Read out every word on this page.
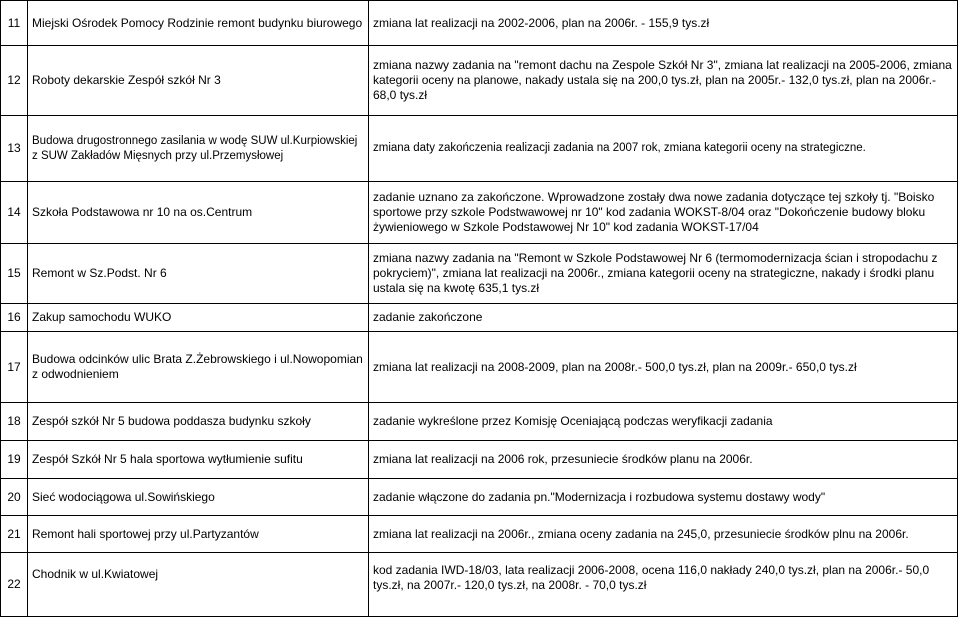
11	Miejski Ośrodek Pomocy Rodzinie remont budynku biurowego	zmiana lat realizacji na 2002-2006, plan na 2006r. - 155,9 tys.zł
12	Roboty dekarskie Zespół szkół Nr 3	zmiana nazwy zadania na "remont dachu na Zespole Szkół Nr 3", zmiana lat realizacji na 2005-2006, zmiana kategorii oceny na planowe, nakady ustala się na 200,0 tys.zł, plan na 2005r.- 132,0 tys.zł, plan na 2006r.- 68,0 tys.zł
13	Budowa drugostronnego zasilania w wodę SUW ul.Kurpiowskiej z SUW Zakładów Mięsnych przy ul.Przemysłowej	zmiana daty zakończenia realizacji zadania na 2007 rok, zmiana kategorii oceny na strategiczne.
14	Szkoła Podstawowa nr 10 na os.Centrum	zadanie uznano za zakończone. Wprowadzone zostały dwa nowe zadania dotyczące tej szkoły tj. "Boisko sportowe przy szkole Podstwawowej nr 10" kod zadania WOKST-8/04 oraz "Dokończenie budowy bloku żywieniowego w Szkole Podstawowej Nr 10" kod zadania WOKST-17/04
15	Remont w Sz.Podst. Nr 6	zmiana nazwy zadania na "Remont w Szkole Podstawowej Nr 6 (termomodernizacja ścian i stropodachu z pokryciem)", zmiana lat realizacji na 2006r., zmiana kategorii oceny na strategiczne, nakady i środki planu ustala się na kwotę 635,1 tys.zł
16	Zakup samochodu WUKO	zadanie zakończone
17	Budowa odcinków ulic Brata Z.Żebrowskiego i ul.Nowopomian z odwodnieniem	zmiana lat realizacji na 2008-2009, plan na 2008r.- 500,0 tys.zł, plan na 2009r.- 650,0 tys.zł
18	Zespół szkół Nr 5 budowa poddasza budynku szkoły	zadanie wykreślone przez Komisję Oceniającą podczas weryfikacji zadania
19	Zespół Szkół Nr 5 hala sportowa wytłumienie sufitu	zmiana lat realizacji na 2006 rok, przesuniecie środków planu na 2006r.
20	Sieć wodociągowa ul.Sowińskiego	zadanie włączone do zadania pn."Modernizacja i rozbudowa systemu dostawy wody"
21	Remont hali sportowej przy ul.Partyzantów	zmiana lat realizacji na 2006r., zmiana oceny zadania na 245,0, przesuniecie środków plnu na 2006r.
22	Chodnik w ul.Kwiatowej	kod zadania IWD-18/03, lata realizacji 2006-2008, ocena 116,0 nakłady 240,0 tys.zł, plan na 2006r.- 50,0 tys.zł, na 2007r.- 120,0 tys.zł, na 2008r. - 70,0 tys.zł
